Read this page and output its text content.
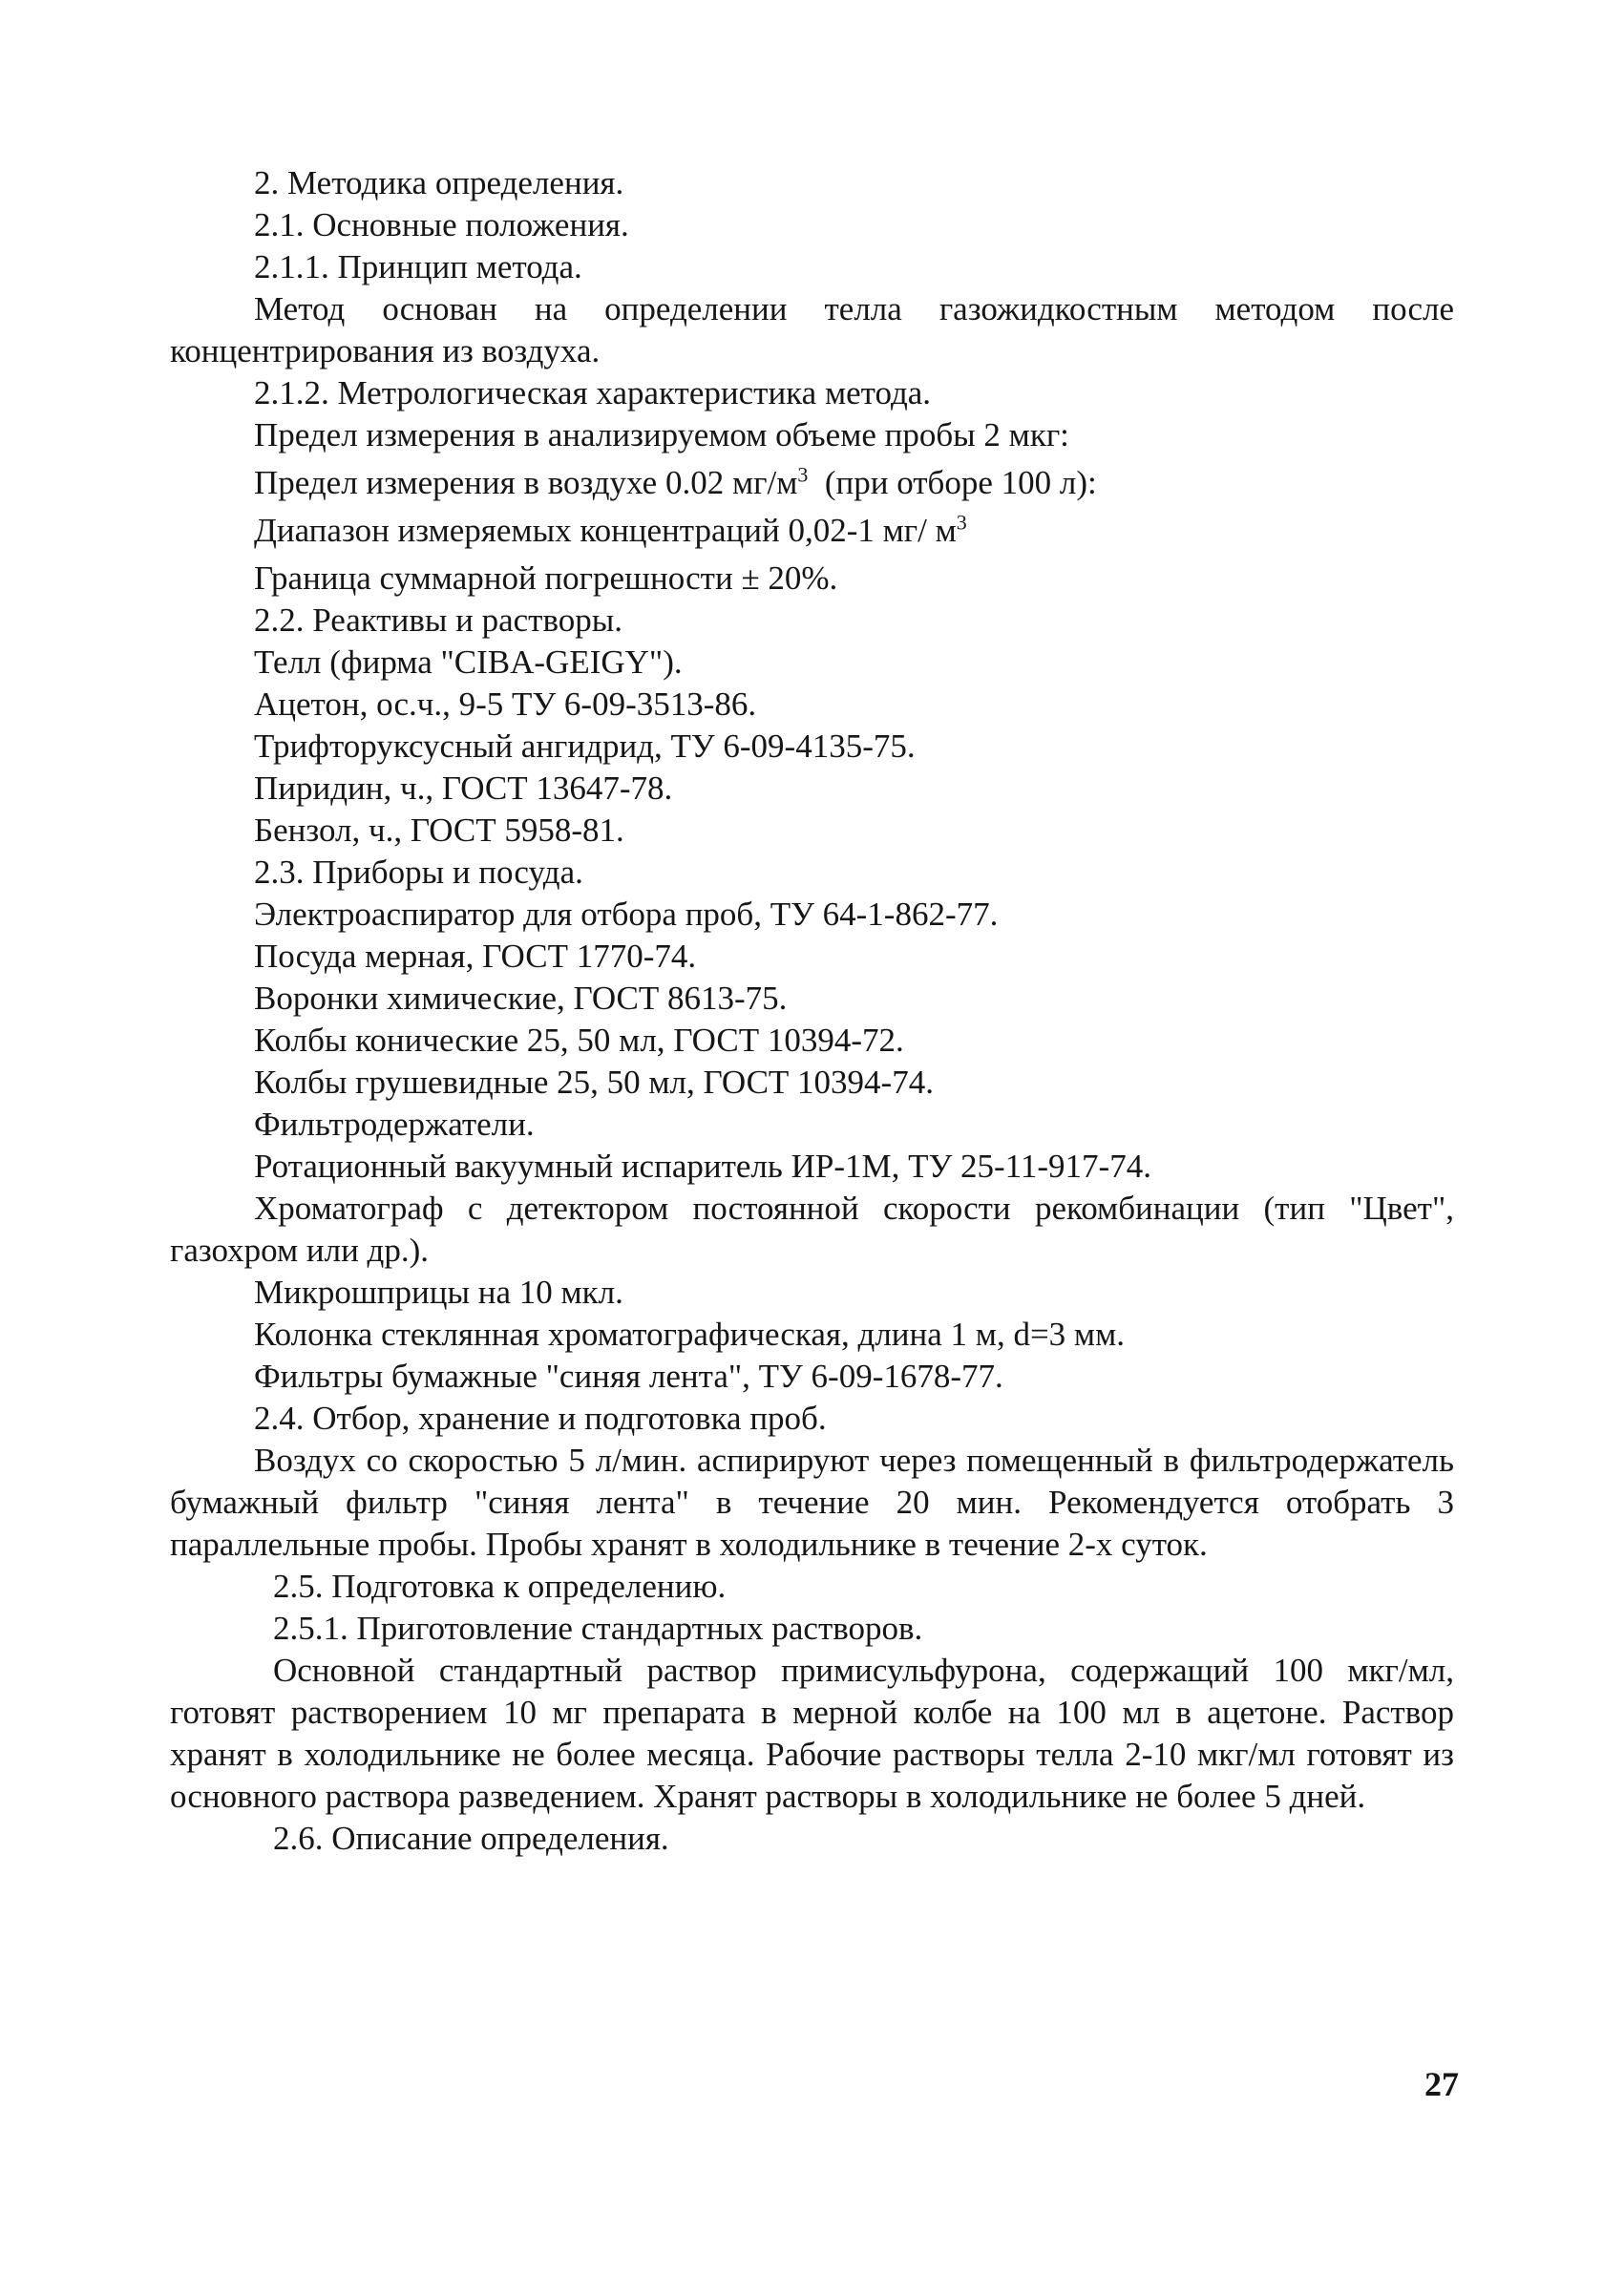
2. Методика определения.
2.1. Основные положения.
2.1.1. Принцип метода.

Метод основан на определении телла газожидкостным методом после концентрирования из воздуха.

2.1.2. Метрологическая характеристика метода.
Предел измерения в анализируемом объеме пробы 2 мкг:
Предел измерения в воздухе 0.02 $мг/м^3$  (при отборе 100 л):
Диапазон измеряемых концентраций 0,02-1 мг/ $м^3$
Граница суммарной погрешности ± 20%.
2.2. Реактивы и растворы.
Телл (фирма "CIBA-GEIGY").
Ацетон, ос.ч., 9-5 ТУ 6-09-3513-86.
Трифторуксусный ангидрид, ТУ 6-09-4135-75.
Пиридин, ч., ГОСТ 13647-78.
Бензол, ч., ГОСТ 5958-81.
2.3. Приборы и посуда.
Электроаспиратор для отбора проб, ТУ 64-1-862-77.
Посуда мерная, ГОСТ 1770-74.
Воронки химические, ГОСТ 8613-75.
Колбы конические 25, 50 мл, ГОСТ 10394-72.
Колбы грушевидные 25, 50 мл, ГОСТ 10394-74.
Фильтродержатели.
Ротационный вакуумный испаритель ИР-1М, ТУ 25-11-917-74.

Хроматограф с детектором постоянной скорости рекомбинации (тип "Цвет", газохром или др.).

Микрошприцы на 10 мкл.
Колонка стеклянная хроматографическая, длина 1 м, d=3 мм.
Фильтры бумажные "синяя лента", ТУ 6-09-1678-77.
2.4. Отбор, хранение и подготовка проб.

Воздух со скоростью 5 л/мин. аспирируют через помещенный в фильтродержатель бумажный фильтр "синяя лента" в течение 20 мин. Рекомендуется отобрать 3 параллельные пробы. Пробы хранят в холодильнике в течение 2-х суток.

2.5. Подготовка к определению.
2.5.1. Приготовление стандартных растворов.

Основной стандартный раствор примисульфурона, содержащий 100 мкг/мл, готовят растворением 10 мг препарата в мерной колбе на 100 мл в ацетоне. Раствор хранят в холодильнике не более месяца. Рабочие растворы телла 2-10 мкг/мл готовят из основного раствора разведением. Хранят растворы в холодильнике не более 5 дней.

2.6. Описание определения.
27
